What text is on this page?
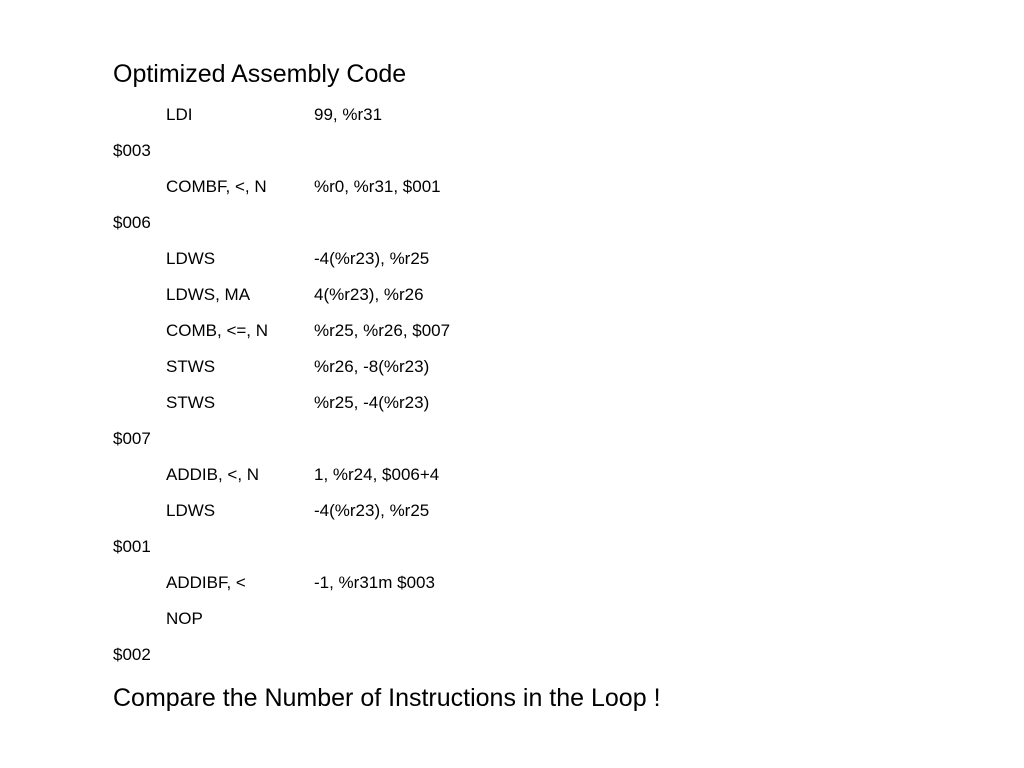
Optimized Assembly Code
LDI	99, %r31
$003
COMBF, <, N	%r0, %r31, $001
$006
LDWS	-4(%r23), %r25
LDWS, MA	4(%r23), %r26
COMB, <=, N	%r25, %r26, $007
STWS	%r26, -8(%r23)
STWS	%r25, -4(%r23)
$007
ADDIB, <, N	1, %r24, $006+4
LDWS	-4(%r23), %r25
$001
ADDIBF, <	-1, %r31m $003
NOP
$002
Compare the Number of Instructions in the Loop !
